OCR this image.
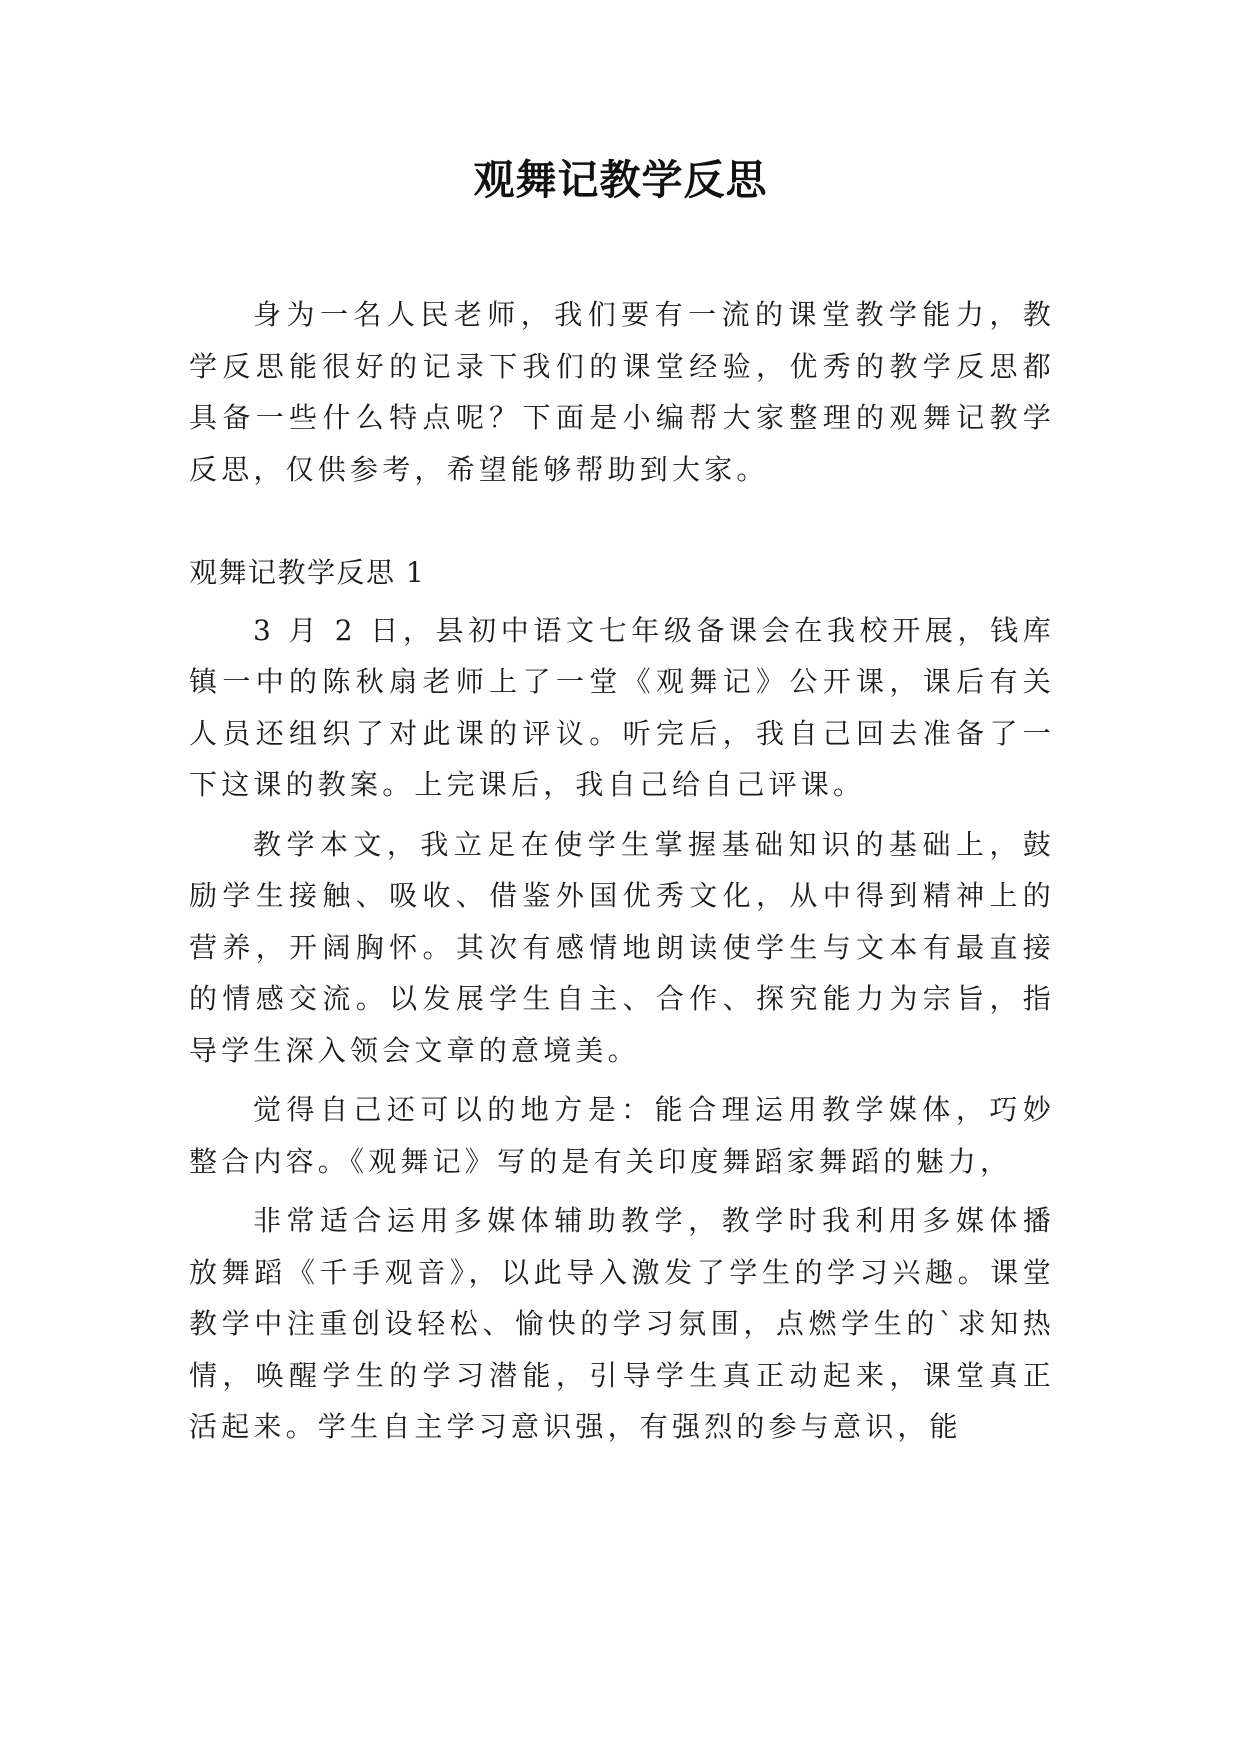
观舞记教学反思

身为一名人民老师，我们要有一流的课堂教学能力，教学反思能很好的记录下我们的课堂经验，优秀的教学反思都具备一些什么特点呢？下面是小编帮大家整理的观舞记教学反思，仅供参考，希望能够帮助到大家。

观舞记教学反思 1

3 月 2 日，县初中语文七年级备课会在我校开展，钱库镇一中的陈秋扇老师上了一堂《观舞记》公开课，课后有关人员还组织了对此课的评议。听完后，我自己回去准备了一下这课的教案。上完课后，我自己给自己评课。

教学本文，我立足在使学生掌握基础知识的基础上，鼓励学生接触、吸收、借鉴外国优秀文化，从中得到精神上的营养，开阔胸怀。其次有感情地朗读使学生与文本有最直接的情感交流。以发展学生自主、合作、探究能力为宗旨，指导学生深入领会文章的意境美。

觉得自己还可以的地方是：能合理运用教学媒体，巧妙整合内容。《观舞记》写的是有关印度舞蹈家舞蹈的魅力，

非常适合运用多媒体辅助教学，教学时我利用多媒体播放舞蹈《千手观音》，以此导入激发了学生的学习兴趣。课堂教学中注重创设轻松、愉快的学习氛围，点燃学生的`求知热情，唤醒学生的学习潜能，引导学生真正动起来，课堂真正活起来。学生自主学习意识强，有强烈的参与意识，能
